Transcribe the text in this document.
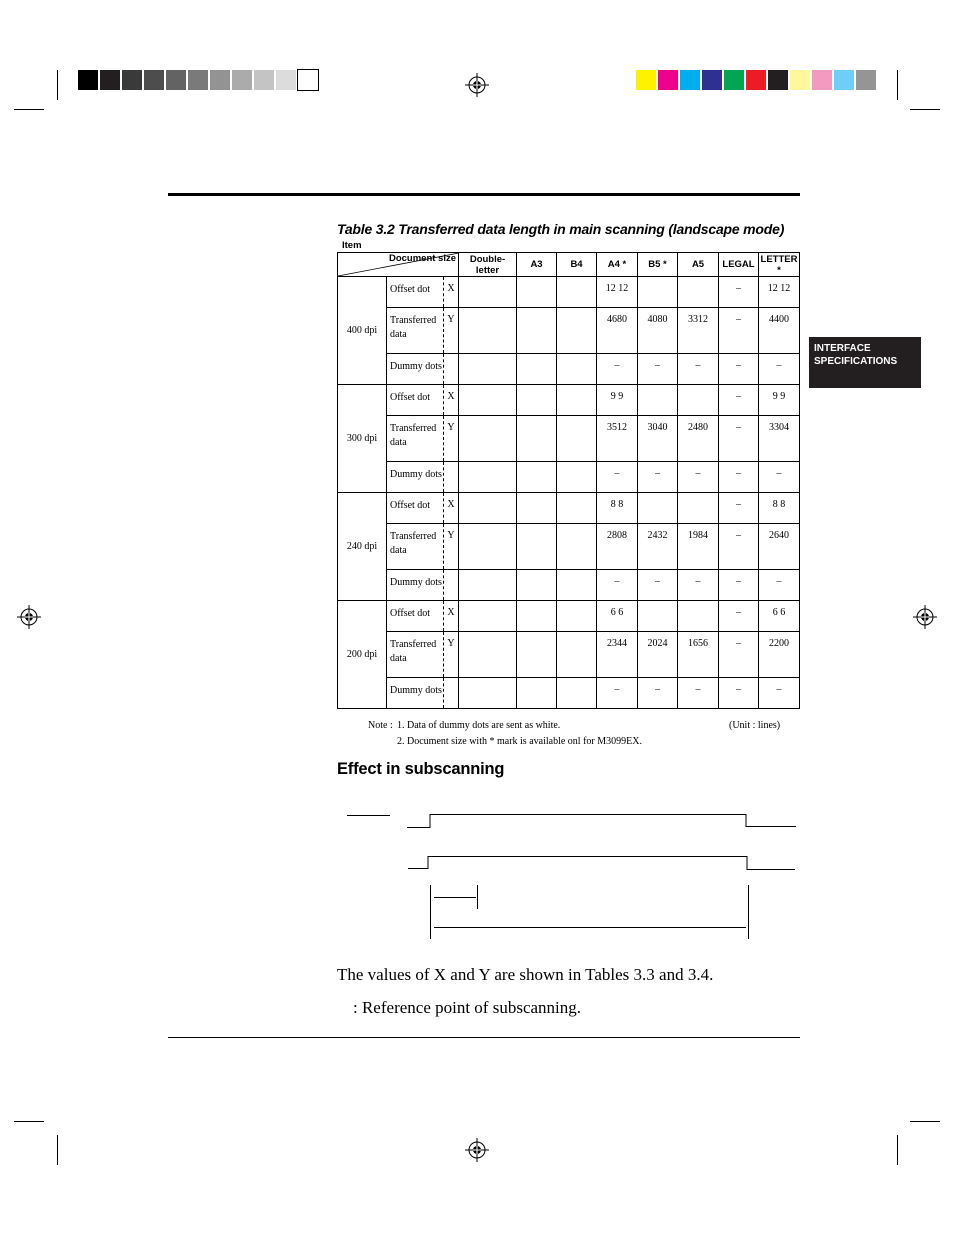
Table 3.2 Transferred data length in main scanning (landscape mode)
INTERFACE
SPECIFICATIONS
Item
Document size			Double-letter	A3	B4	A4 *	B5 *	A5	LEGAL	LETTER *
400 dpi	Offset dot	X				12 12			–	12 12
	Transferred data	Y				4680	4080	3312	–	4400
	Dummy dots					–	–	–	–	–
300 dpi	Offset dot	X				9 9			–	9 9
	Transferred data	Y				3512	3040	2480	–	3304
	Dummy dots					–	–	–	–	–
240 dpi	Offset dot	X				8 8			–	8 8
	Transferred data	Y				2808	2432	1984	–	2640
	Dummy dots					–	–	–	–	–
200 dpi	Offset dot	X				6 6			–	6 6
	Transferred data	Y				2344	2024	1656	–	2200
	Dummy dots					–	–	–	–	–
Note : 1. Data of dummy dots are sent as white.	(Unit : lines)
2. Document size with * mark is available onl for M3099EX.
Effect in subscanning
The values of X and Y are shown in Tables 3.3 and 3.4.
: Reference point of subscanning.
